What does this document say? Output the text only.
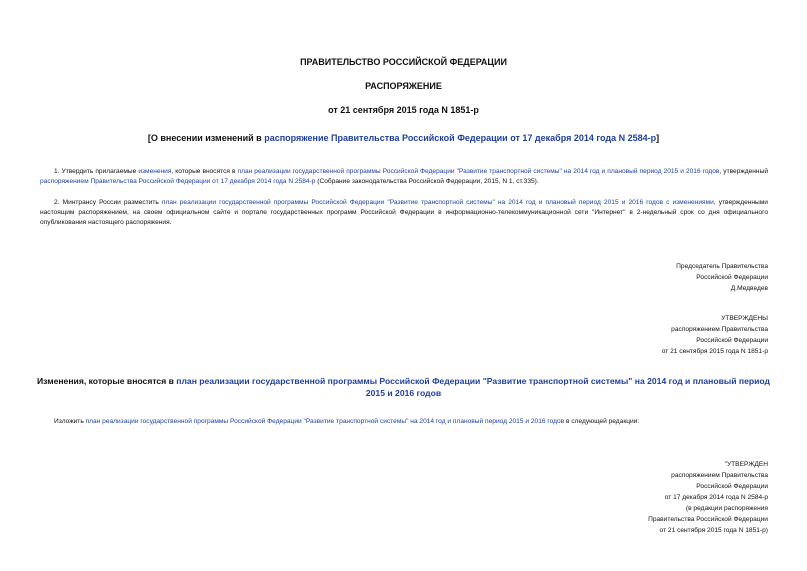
ПРАВИТЕЛЬСТВО РОССИЙСКОЙ ФЕДЕРАЦИИ
РАСПОРЯЖЕНИЕ
от 21 сентября 2015 года N 1851-р
[О внесении изменений в распоряжение Правительства Российской Федерации от 17 декабря 2014 года N 2584-р]
1. Утвердить прилагаемые изменения, которые вносятся в план реализации государственной программы Российской Федерации "Развитие транспортной системы" на 2014 год и плановый период 2015 и 2016 годов, утвержденный распоряжением Правительства Российской Федерации от 17 декабря 2014 года N 2584-р (Собрание законодательства Российской Федерации, 2015, N 1, ст.335).
2. Минтрансу России разместить план реализации государственной программы Российской Федерации "Развитие транспортной системы" на 2014 год и плановый период 2015 и 2016 годов с изменениями, утвержденными настоящим распоряжением, на своем официальном сайте и портале государственных программ Российской Федерации в информационно-телекоммуникационной сети "Интернет" в 2-недельный срок со дня официального опубликования настоящего распоряжения.
Председатель Правительства
Российской Федерации
Д.Медведев
УТВЕРЖДЕНЫ
распоряжением Правительства
Российской Федерации
от 21 сентября 2015 года N 1851-р
Изменения, которые вносятся в план реализации государственной программы Российской Федерации "Развитие транспортной системы" на 2014 год и плановый период 2015 и 2016 годов
Изложить план реализации государственной программы Российской Федерации "Развитие транспортной системы" на 2014 год и плановый период 2015 и 2016 годов в следующей редакции:
"УТВЕРЖДЕН
распоряжением Правительства
Российской Федерации
от 17 декабря 2014 года N 2584-р
(в редакции распоряжения
Правительства Российской Федерации
от 21 сентября 2015 года N 1851-р)
